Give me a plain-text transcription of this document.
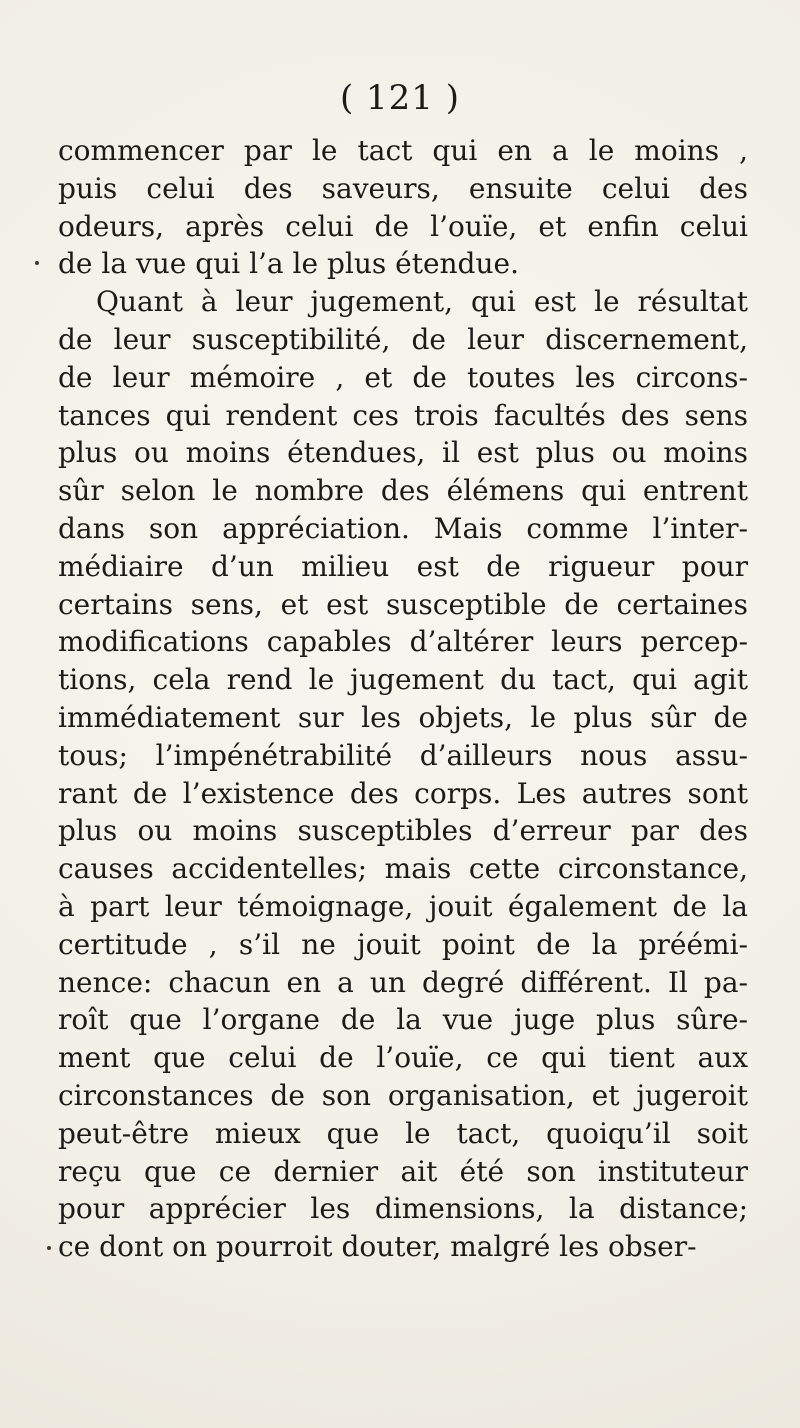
( 121 )
commencer par le tact qui en a le moins ,
puis celui des saveurs, ensuite celui des
odeurs, après celui de l’ouïe, et enfin celui
de la vue qui l’a le plus étendue.
Quant à leur jugement, qui est le résultat
de leur susceptibilité, de leur discernement,
de leur mémoire , et de toutes les circons-
tances qui rendent ces trois facultés des sens
plus ou moins étendues, il est plus ou moins
sûr selon le nombre des élémens qui entrent
dans son appréciation. Mais comme l’inter-
médiaire d’un milieu est de rigueur pour
certains sens, et est susceptible de certaines
modifications capables d’altérer leurs percep-
tions, cela rend le jugement du tact, qui agit
immédiatement sur les objets, le plus sûr de
tous; l’impénétrabilité d’ailleurs nous assu-
rant de l’existence des corps. Les autres sont
plus ou moins susceptibles d’erreur par des
causes accidentelles; mais cette circonstance,
à part leur témoignage, jouit également de la
certitude , s’il ne jouit point de la préémi-
nence: chacun en a un degré différent. Il pa-
roît que l’organe de la vue juge plus sûre-
ment que celui de l’ouïe, ce qui tient aux
circonstances de son organisation, et jugeroit
peut-être mieux que le tact, quoiqu’il soit
reçu que ce dernier ait été son instituteur
pour apprécier les dimensions, la distance;
ce dont on pourroit douter, malgré les obser-
